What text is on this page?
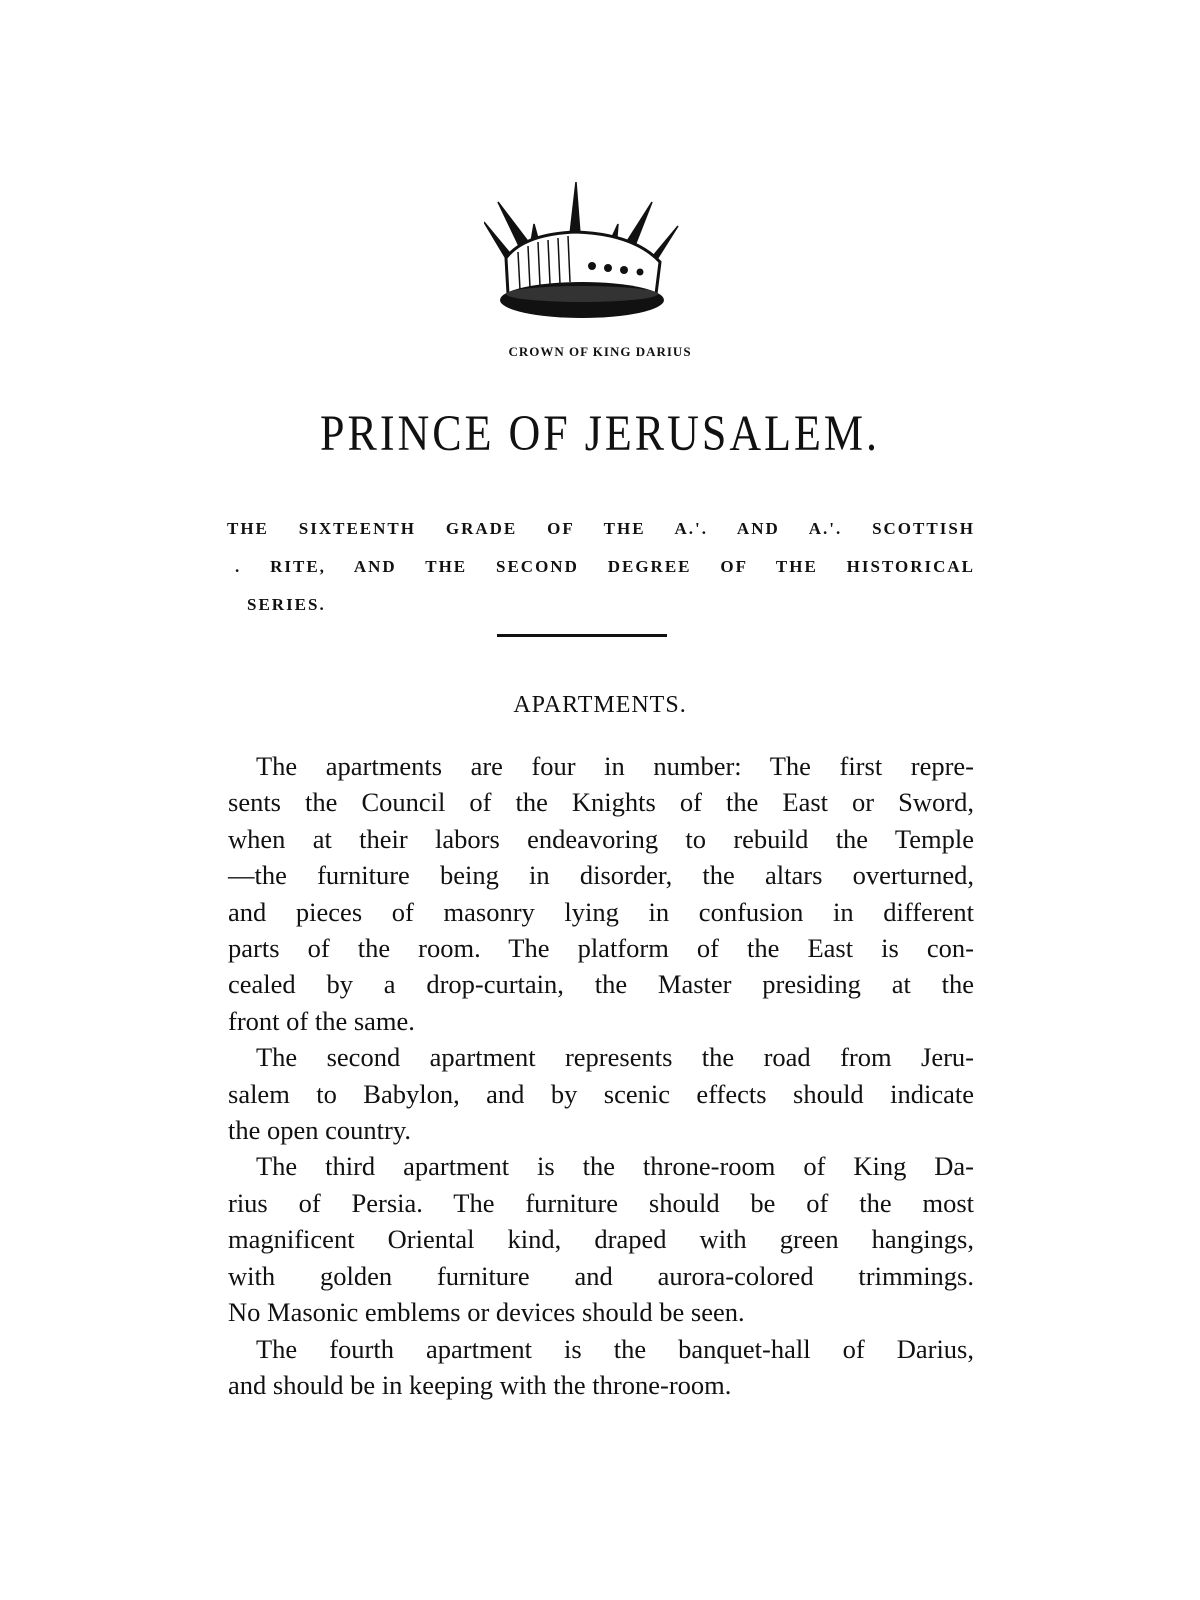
CROWN OF KING DARIUS
PRINCE OF JERUSALEM.
THE SIXTEENTH GRADE OF THE A.'. AND A.'. SCOTTISH
. RITE, AND THE SECOND DEGREE OF THE HISTORICAL
SERIES.
APARTMENTS.
The apartments are four in number: The first repre-
sents the Council of the Knights of the East or Sword,
when at their labors endeavoring to rebuild the Temple
—the furniture being in disorder, the altars overturned,
and pieces of masonry lying in confusion in different
parts of the room. The platform of the East is con-
cealed by a drop-curtain, the Master presiding at the
front of the same.
The second apartment represents the road from Jeru-
salem to Babylon, and by scenic effects should indicate
the open country.
The third apartment is the throne-room of King Da-
rius of Persia. The furniture should be of the most
magnificent Oriental kind, draped with green hangings,
with golden furniture and aurora-colored trimmings.
No Masonic emblems or devices should be seen.
The fourth apartment is the banquet-hall of Darius,
and should be in keeping with the throne-room.
